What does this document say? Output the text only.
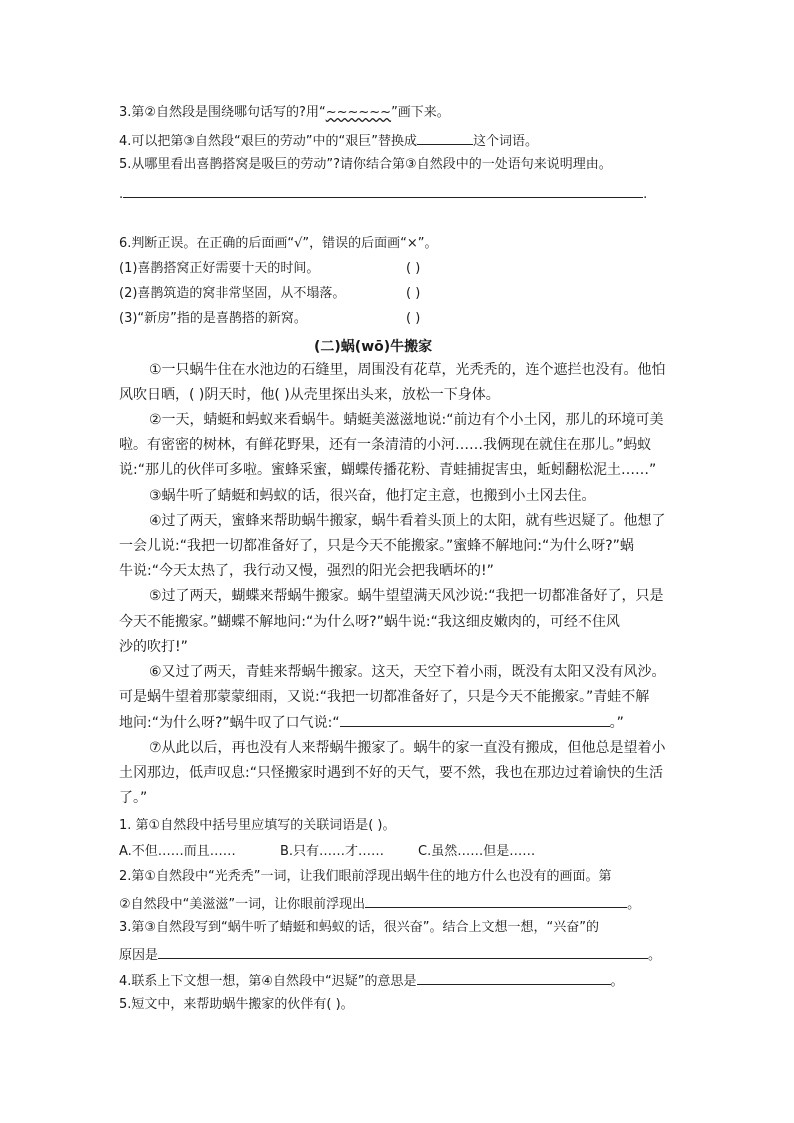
3.第②自然段是围绕哪句话写的?用“~~~~~~”画下来。
4.可以把第③自然段“艰巨的劳动”中的“艰巨”替换成	这个词语。
5.从哪里看出喜鹊搭窝是吸巨的劳动”?请你结合第③自然段中的一处语句来说明理由。
.	.
6.判断正误。在正确的后面画“√”，错误的后面画“×”。
(1)喜鹊搭窝正好需要十天的时间。	( )
(2)喜鹊筑造的窝非常坚固，从不塌落。	( )
(3)“新房”指的是喜鹊搭的新窝。	( )
(二)蜗(wō)牛搬家
①一只蜗牛住在水池边的石缝里，周围没有花草，光秃秃的，连个遮拦也没有。他怕
风吹日晒，( )阴天时，他( )从壳里探出头来，放松一下身体。
②一天，蜻蜓和蚂蚁来看蜗牛。蜻蜓美滋滋地说:“前边有个小土冈，那儿的环境可美
啦。有密密的树林，有鲜花野果，还有一条清清的小河……我俩现在就住在那儿。”蚂蚁
说:“那儿的伙伴可多啦。蜜蜂采蜜，蝴蝶传播花粉、青蛙捕捉害虫，蚯蚓翻松泥土……”
③蜗牛听了蜻蜓和蚂蚁的话，很兴奋，他打定主意，也搬到小土冈去住。
④过了两天，蜜蜂来帮助蜗牛搬家，蜗牛看着头顶上的太阳，就有些迟疑了。他想了
一会儿说:“我把一切都准备好了，只是今天不能搬家。”蜜蜂不解地问:“为什么呀?”蜗
牛说:“今天太热了，我行动又慢，强烈的阳光会把我晒坏的!”
⑤过了两天，蝴蝶来帮蜗牛搬家。蜗牛望望满天风沙说:“我把一切都准备好了，只是
今天不能搬家。”蝴蝶不解地问:“为什么呀?”蜗牛说:“我这细皮嫩肉的，可经不住风
沙的吹打!”
⑥又过了两天，青蛙来帮蜗牛搬家。这天，天空下着小雨，既没有太阳又没有风沙。
可是蜗牛望着那蒙蒙细雨，又说:“我把一切都准备好了，只是今天不能搬家。”青蛙不解
地问:“为什么呀?”蜗牛叹了口气说:“	。”
⑦从此以后，再也没有人来帮蜗牛搬家了。蜗牛的家一直没有搬成，但他总是望着小
土冈那边，低声叹息:“只怪搬家时遇到不好的天气，要不然，我也在那边过着谕快的生活
了。”
1. 第①自然段中括号里应填写的关联词语是( )。
A.不但……而且……	B.只有……才……	C.虽然……但是……
2.第①自然段中“光秃秃”一词，让我们眼前浮现出蜗牛住的地方什么也没有的画面。第
②自然段中“美滋滋”一词，让你眼前浮现出	。
3.第③自然段写到“蜗牛听了蜻蜓和蚂蚁的话，很兴奋”。结合上文想一想，“兴奋”的
原因是	。
4.联系上下文想一想，第④自然段中“迟疑”的意思是	。
5.短文中，来帮助蜗牛搬家的伙伴有( )。
